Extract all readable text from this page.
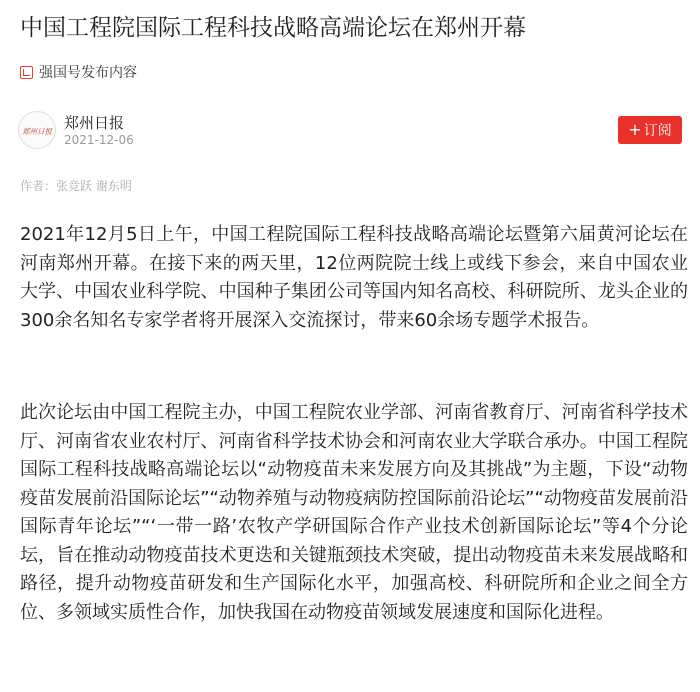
中国工程院国际工程科技战略高端论坛在郑州开幕
强国号发布内容
郑州日报 郑州日报
2021-12-06
+ 订阅
作者：张竞跃 谢东明

2021年12月5日上午，中国工程院国际工程科技战略高端论坛暨第六届黄河论坛在河南郑州开幕。在接下来的两天里，12位两院院士线上或线下参会，来自中国农业大学、中国农业科学院、中国种子集团公司等国内知名高校、科研院所、龙头企业的300余名知名专家学者将开展深入交流探讨，带来60余场专题学术报告。

此次论坛由中国工程院主办，中国工程院农业学部、河南省教育厅、河南省科学技术厅、河南省农业农村厅、河南省科学技术协会和河南农业大学联合承办。中国工程院国际工程科技战略高端论坛以“动物疫苗未来发展方向及其挑战”为主题，下设“动物疫苗发展前沿国际论坛”“动物养殖与动物疫病防控国际前沿论坛”“动物疫苗发展前沿国际青年论坛”“‘一带一路’农牧产学研国际合作产业技术创新国际论坛”等4个分论坛，旨在推动动物疫苗技术更迭和关键瓶颈技术突破，提出动物疫苗未来发展战略和路径，提升动物疫苗研发和生产国际化水平，加强高校、科研院所和企业之间全方位、多领域实质性合作，加快我国在动物疫苗领域发展速度和国际化进程。
